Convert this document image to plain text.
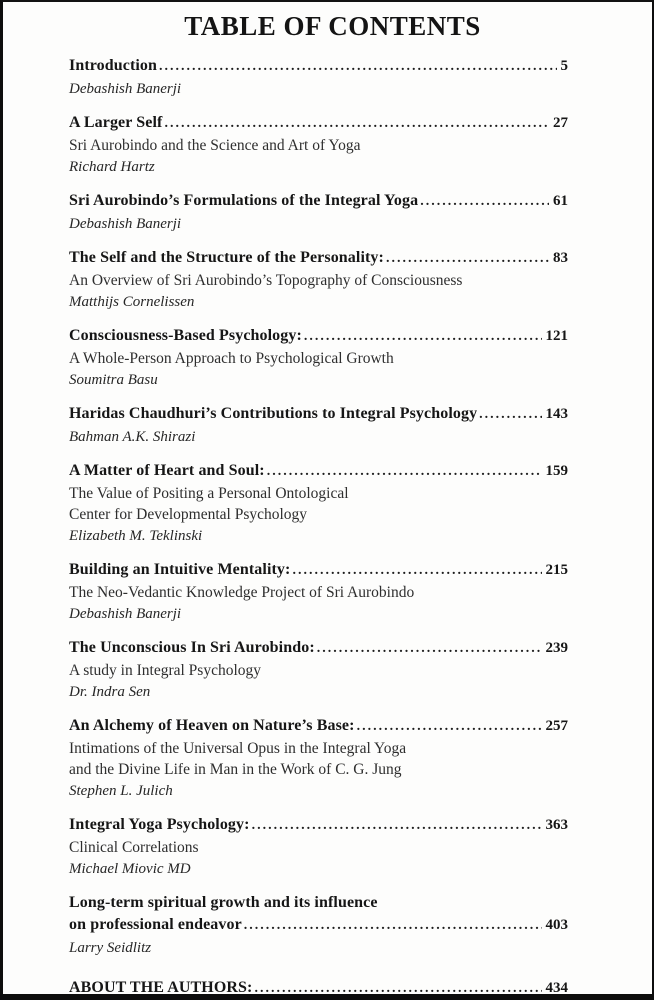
TABLE OF CONTENTS
Introduction .....	5
Debashish Banerji
A Larger Self .....	27
Sri Aurobindo and the Science and Art of Yoga
Richard Hartz
Sri Aurobindo’s Formulations of the Integral Yoga .....	61
Debashish Banerji
The Self and the Structure of the Personality: .....	83
An Overview of Sri Aurobindo’s Topography of Consciousness
Matthijs Cornelissen
Consciousness-Based Psychology: .....	121
A Whole-Person Approach to Psychological Growth
Soumitra Basu
Haridas Chaudhuri’s Contributions to Integral Psychology .....	143
Bahman A.K. Shirazi
A Matter of Heart and Soul: .....	159
The Value of Positing a Personal Ontological
Center for Developmental Psychology
Elizabeth M. Teklinski
Building an Intuitive Mentality: .....	215
The Neo-Vedantic Knowledge Project of Sri Aurobindo
Debashish Banerji
The Unconscious In Sri Aurobindo: .....	239
A study in Integral Psychology
Dr. Indra Sen
An Alchemy of Heaven on Nature’s Base: .....	257
Intimations of the Universal Opus in the Integral Yoga
and the Divine Life in Man in the Work of C. G. Jung
Stephen L. Julich
Integral Yoga Psychology: .....	363
Clinical Correlations
Michael Miovic MD
Long-term spiritual growth and its influence
on professional endeavor .....	403
Larry Seidlitz
ABOUT THE AUTHORS: .....	434
